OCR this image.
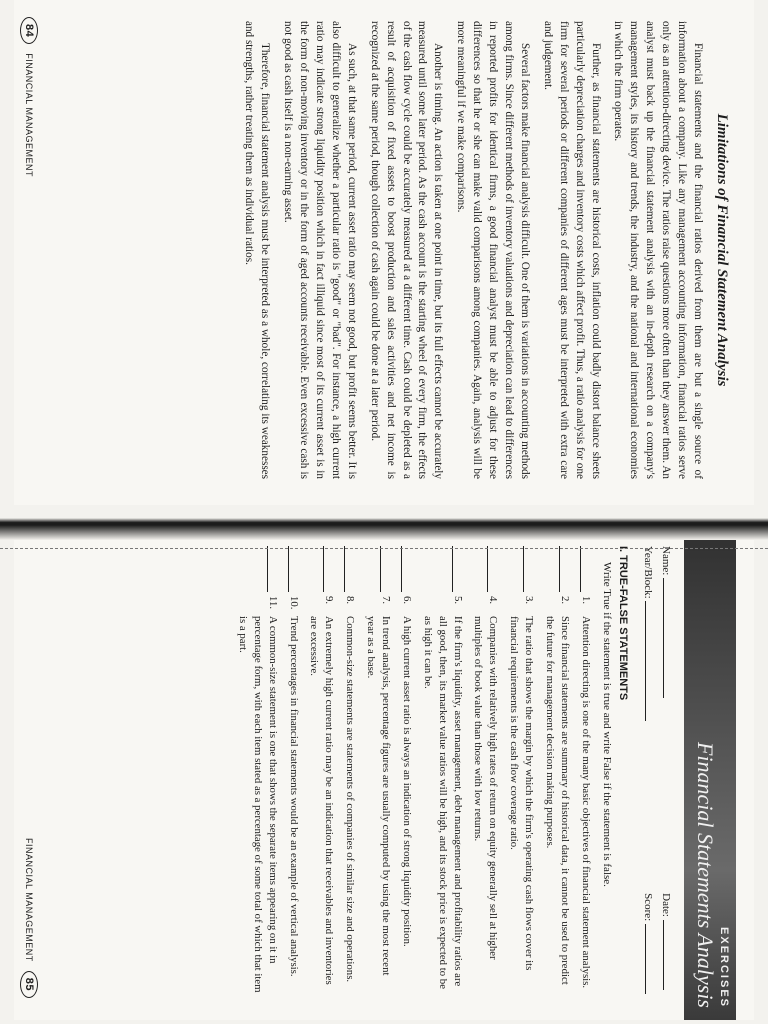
Limitations of Financial Statement Analysis

Financial statements and the financial ratios derived from them are but a single source of information about a company. Like any management accounting information, financial ratios serve only as an attention-directing device. The ratios raise questions more often than they answer them. An analyst must back up the financial statement analysis with an in-depth research on a company's management styles, its history and trends, the industry, and the national and international economies in which the firm operates.

Further, as financial statements are historical costs, inflation could badly distort balance sheets particularly depreciation charges and inventory costs which affect profit. Thus, a ratio analysis for one firm for several periods or different companies of different ages must be interpreted with extra care and judgement.

Several factors make financial analysis difficult. One of them is variations in accounting methods among firms. Since different methods of inventory valuations and depreciation can lead to differences in reported profits for identical firms, a good financial analyst must be able to adjust for these differences so that he or she can make valid comparisons among companies. Again, analysis will be more meaningful if we make comparisons.

Another is timing. An action is taken at one point in time, but its full effects cannot be accurately measured until some later period. As the cash account is the starting wheel of every firm, the effects of the cash flow cycle could be accurately measured at a different time. Cash could be depleted as a result of acquisition of fixed assets to boost production and sales activities and net income is recognized at the same period, though collection of cash again could be done at a later period.

As such, at that same period, current asset ratio may seem not good, but profit seems better. It is also difficult to generalize whether a particular ratio is "good" or "bad". For instance, a high current ratio may indicate strong liquidity position which in fact illiquid since most of its current asset is in the form of non-moving inventory or in the form of aged accounts receivable. Even excessive cash is not good as cash itself is a non-earning asset.

Therefore, financial statement analysis must be interpreted as a whole, correlating its weaknesses and strengths, rather treating them as individual ratios.

84   FINANCIAL MANAGEMENT
EXERCISES
Financial Statements Analysis
Name:
Year/Block:
Date:
Score:
I. TRUE-FALSE STATEMENTS
Write True if the statement is true and write False if the statement is false.
1.
Attention directing is one of the many basic objectives of financial statement analysis.
2.
Since financial statements are summary of historical data, it cannot be used to predict the future for management decision making purposes.
3.
The ratio that shows the margin by which the firm's operating cash flows cover its financial requirements is the cash flow coverage ratio.
4.
Companies with relatively high rates of return on equity generally sell at higher multiples of book value than those with low returns.
5.
If the firm's liquidity, asset management, debt management and profitability ratios are all good, then, its market value ratios will be high, and its stock price is expected to be as high it can be.
6.
A high current asset ratio is always an indication of strong liquidity position.
7.
In trend analysis, percentage figures are usually computed by using the most recent year as a base.
8.
Common-size statements are statements of companies of similar size and operations.
9.
An extremely high current ratio may be an indication that receivables and inventories are excessive.
10.
Trend percentages in financial statements would be an example of vertical analysis.
11.
A common-size statement is one that shows the separate items appearing on it in percentage form, with each item stated as a percentage of some total of which that item is a part.
FINANCIAL MANAGEMENT   85
